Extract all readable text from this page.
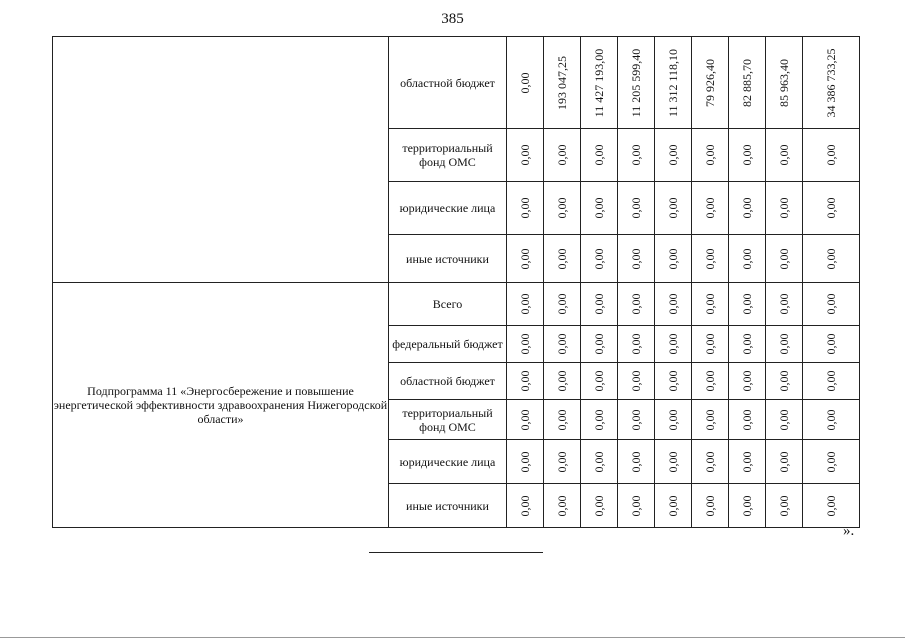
385
	областной бюджет	0,00	193 047,25	11 427 193,00	11 205 599,40	11 312 118,10	79 926,40	82 885,70	85 963,40	34 386 733,25

	территориальный фонд ОМС	0,00	0,00	0,00	0,00	0,00	0,00	0,00	0,00	0,00

	юридические лица	0,00	0,00	0,00	0,00	0,00	0,00	0,00	0,00	0,00

	иные источники	0,00	0,00	0,00	0,00	0,00	0,00	0,00	0,00	0,00

Подпрограмма 11 «Энергосбережение и повышение энергетической эффективности здравоохранения Нижегородской области»	Всего	0,00	0,00	0,00	0,00	0,00	0,00	0,00	0,00	0,00

	федеральный бюджет	0,00	0,00	0,00	0,00	0,00	0,00	0,00	0,00	0,00

	областной бюджет	0,00	0,00	0,00	0,00	0,00	0,00	0,00	0,00	0,00

	территориальный фонд ОМС	0,00	0,00	0,00	0,00	0,00	0,00	0,00	0,00	0,00

	юридические лица	0,00	0,00	0,00	0,00	0,00	0,00	0,00	0,00	0,00

	иные источники	0,00	0,00	0,00	0,00	0,00	0,00	0,00	0,00	0,00
».
